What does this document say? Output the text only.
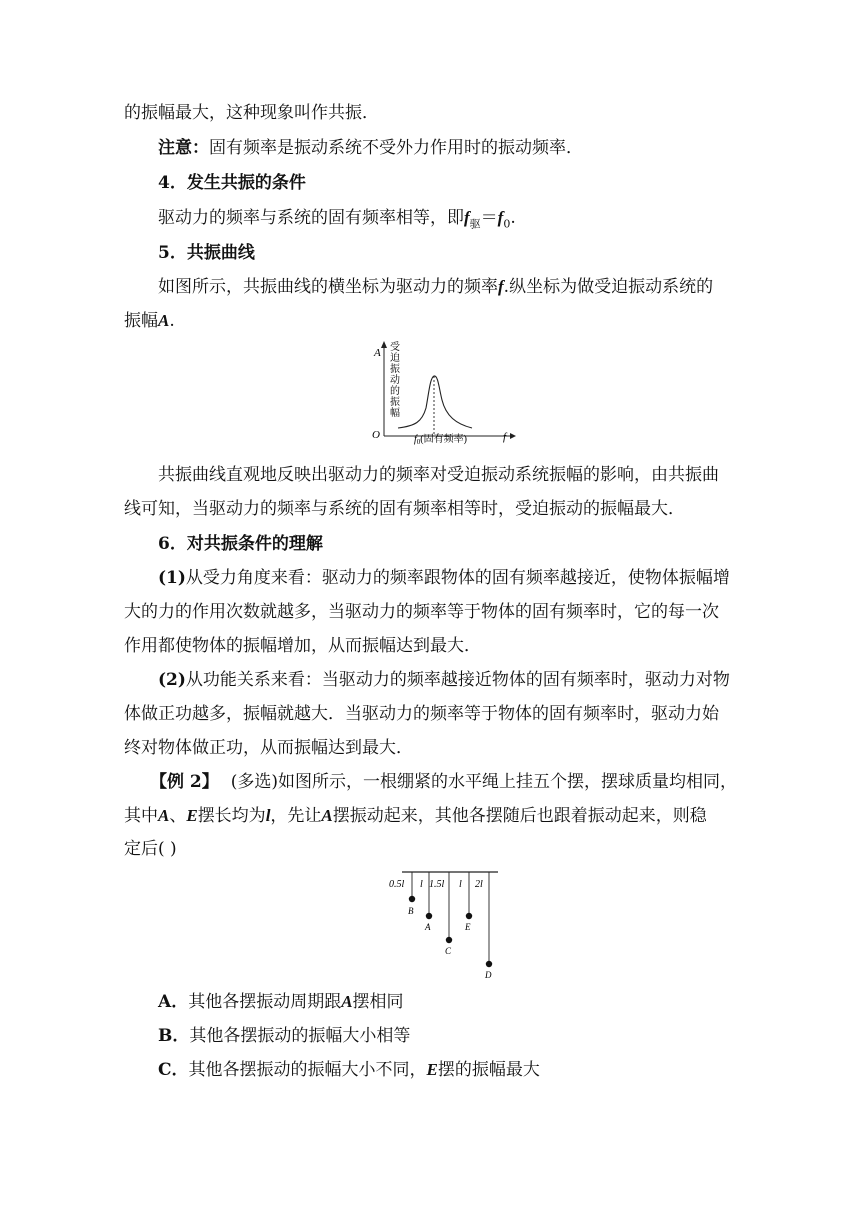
的振幅最大，这种现象叫作共振．
注意：固有频率是振动系统不受外力作用时的振动频率．
4．发生共振的条件
驱动力的频率与系统的固有频率相等，即$f_驱=f_0$.
5．共振曲线
如图所示，共振曲线的横坐标为驱动力的频率f.纵坐标为做受迫振动系统的
振幅A.
A 受
迫
振
动
的
振
幅
O	f
$f_0$(固有频率)
共振曲线直观地反映出驱动力的频率对受迫振动系统振幅的影响，由共振曲
线可知，当驱动力的频率与系统的固有频率相等时，受迫振动的振幅最大．
6．对共振条件的理解
(1)从受力角度来看：驱动力的频率跟物体的固有频率越接近，使物体振幅增
大的力的作用次数就越多，当驱动力的频率等于物体的固有频率时，它的每一次
作用都使物体的振幅增加，从而振幅达到最大．
(2)从功能关系来看：当驱动力的频率越接近物体的固有频率时，驱动力对物
体做正功越多，振幅就越大．当驱动力的频率等于物体的固有频率时，驱动力始
终对物体做正功，从而振幅达到最大．
【例 2】 (多选)如图所示，一根绷紧的水平绳上挂五个摆，摆球质量均相同，
其中A、E摆长均为l，先让A摆振动起来，其他各摆随后也跟着振动起来，则稳
定后( )
0.5l l 1.5l l 2l
B
A
C
E
D
A．其他各摆振动周期跟A摆相同
B．其他各摆振动的振幅大小相等
C．其他各摆振动的振幅大小不同，E摆的振幅最大
